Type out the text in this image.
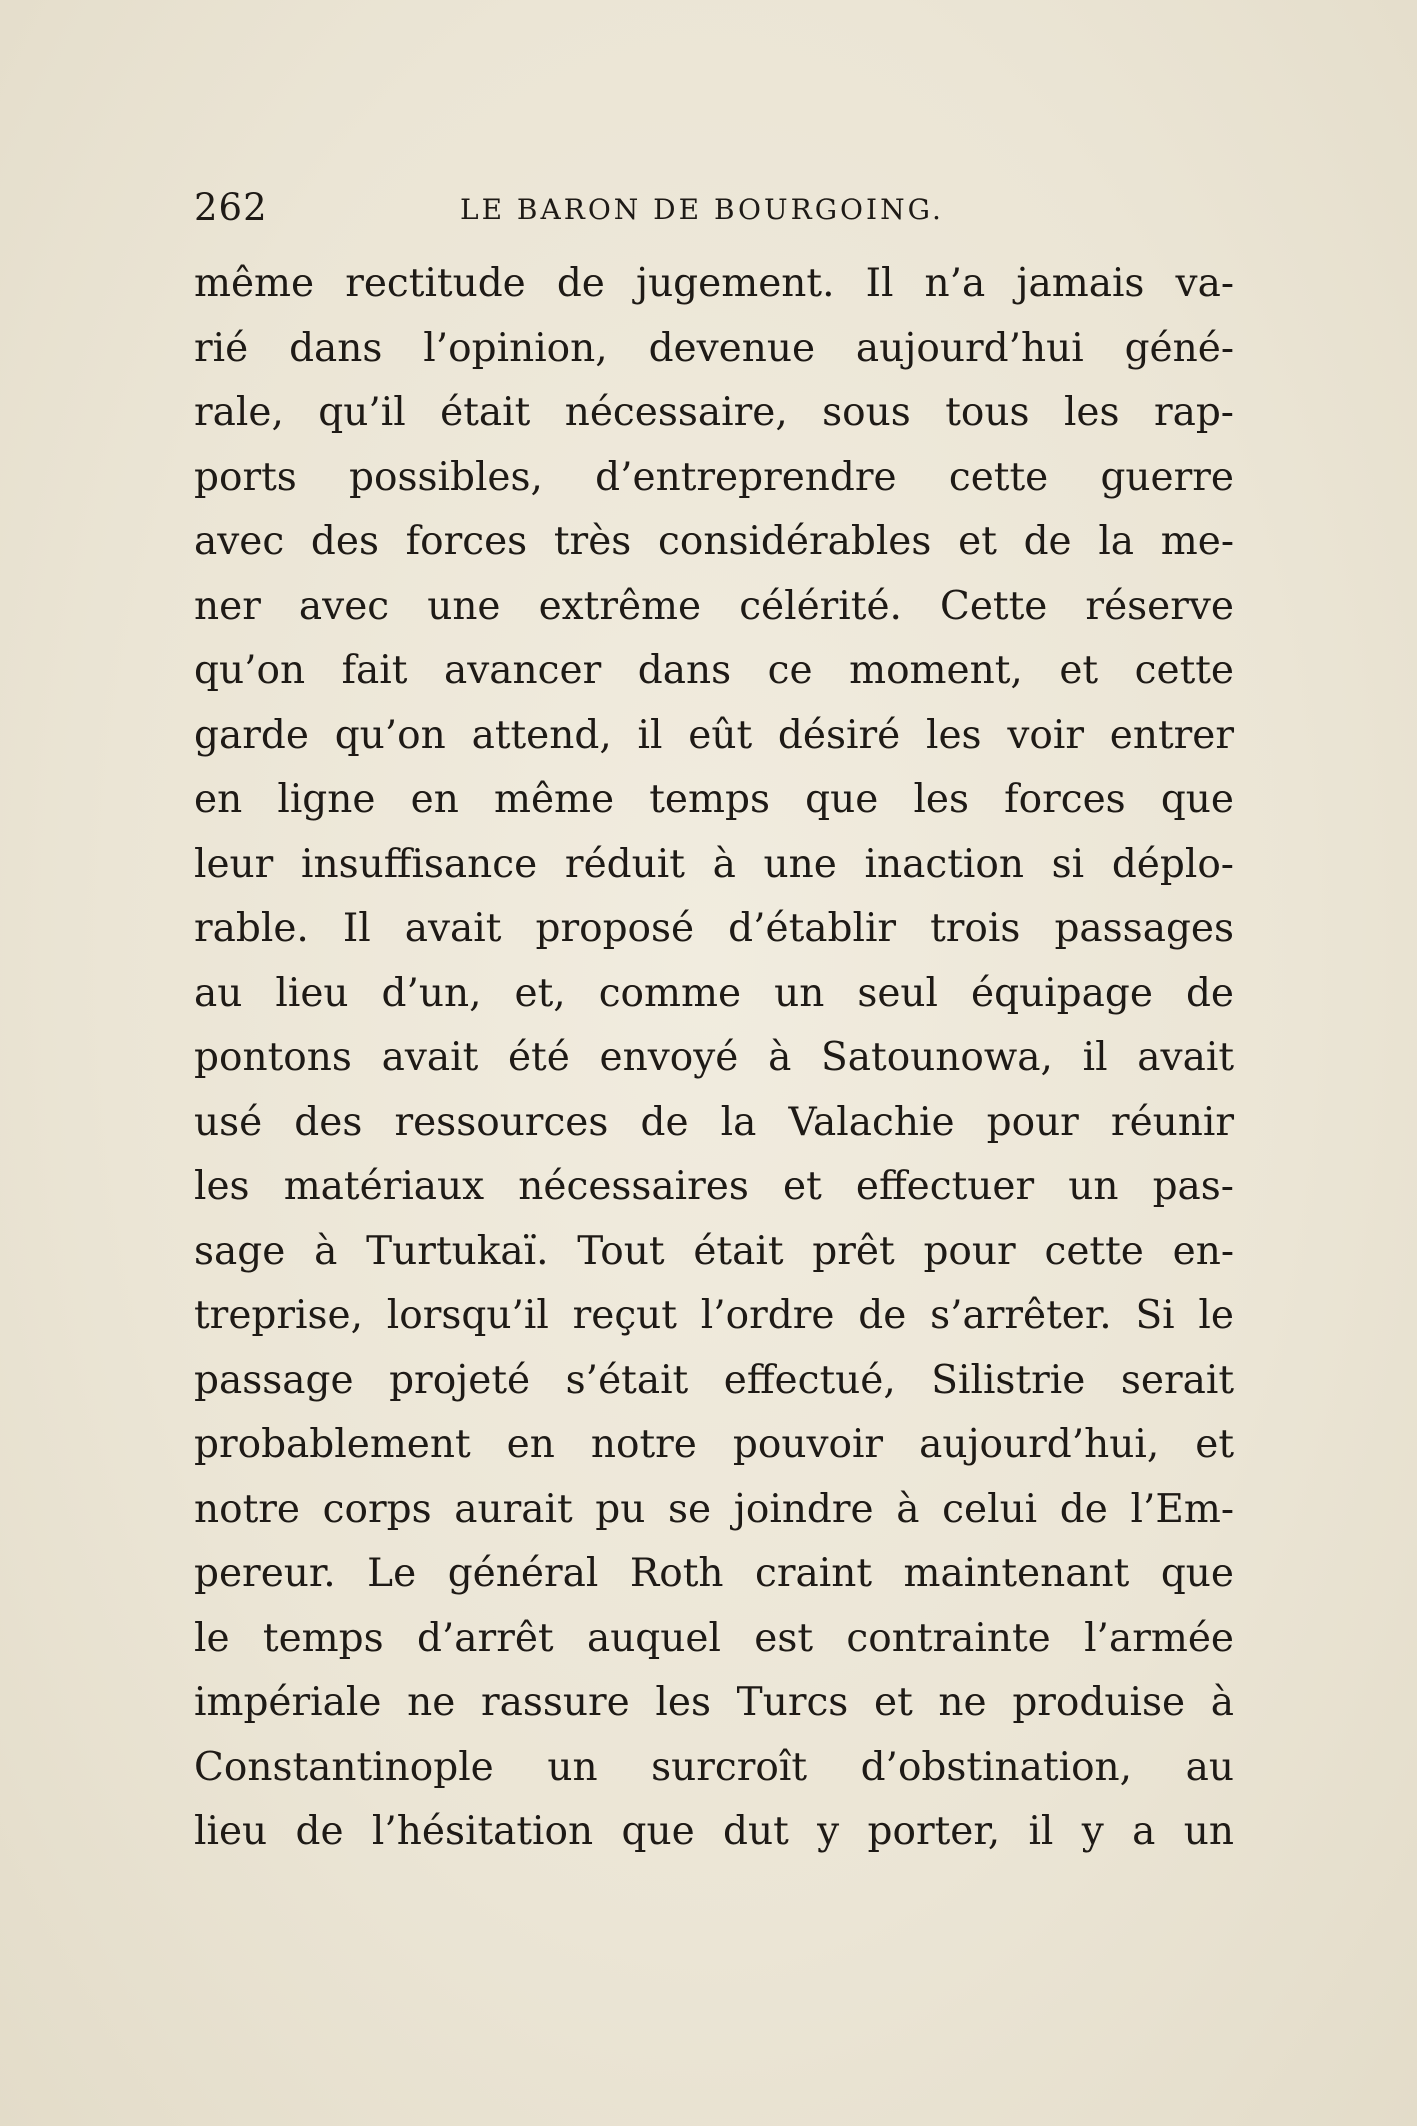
262	LE BARON DE BOURGOING.
même rectitude de jugement. Il n’a jamais va-
rié dans l’opinion, devenue aujourd’hui géné-
rale, qu’il était nécessaire, sous tous les rap-
ports possibles, d’entreprendre cette guerre
avec des forces très considérables et de la me-
ner avec une extrême célérité. Cette réserve
qu’on fait avancer dans ce moment, et cette
garde qu’on attend, il eût désiré les voir entrer
en ligne en même temps que les forces que
leur insuffisance réduit à une inaction si déplo-
rable. Il avait proposé d’établir trois passages
au lieu d’un, et, comme un seul équipage de
pontons avait été envoyé à Satounowa, il avait
usé des ressources de la Valachie pour réunir
les matériaux nécessaires et effectuer un pas-
sage à Turtukaï. Tout était prêt pour cette en-
treprise, lorsqu’il reçut l’ordre de s’arrêter. Si le
passage projeté s’était effectué, Silistrie serait
probablement en notre pouvoir aujourd’hui, et
notre corps aurait pu se joindre à celui de l’Em-
pereur. Le général Roth craint maintenant que
le temps d’arrêt auquel est contrainte l’armée
impériale ne rassure les Turcs et ne produise à
Constantinople un surcroît d’obstination, au
lieu de l’hésitation que dut y porter, il y a un
